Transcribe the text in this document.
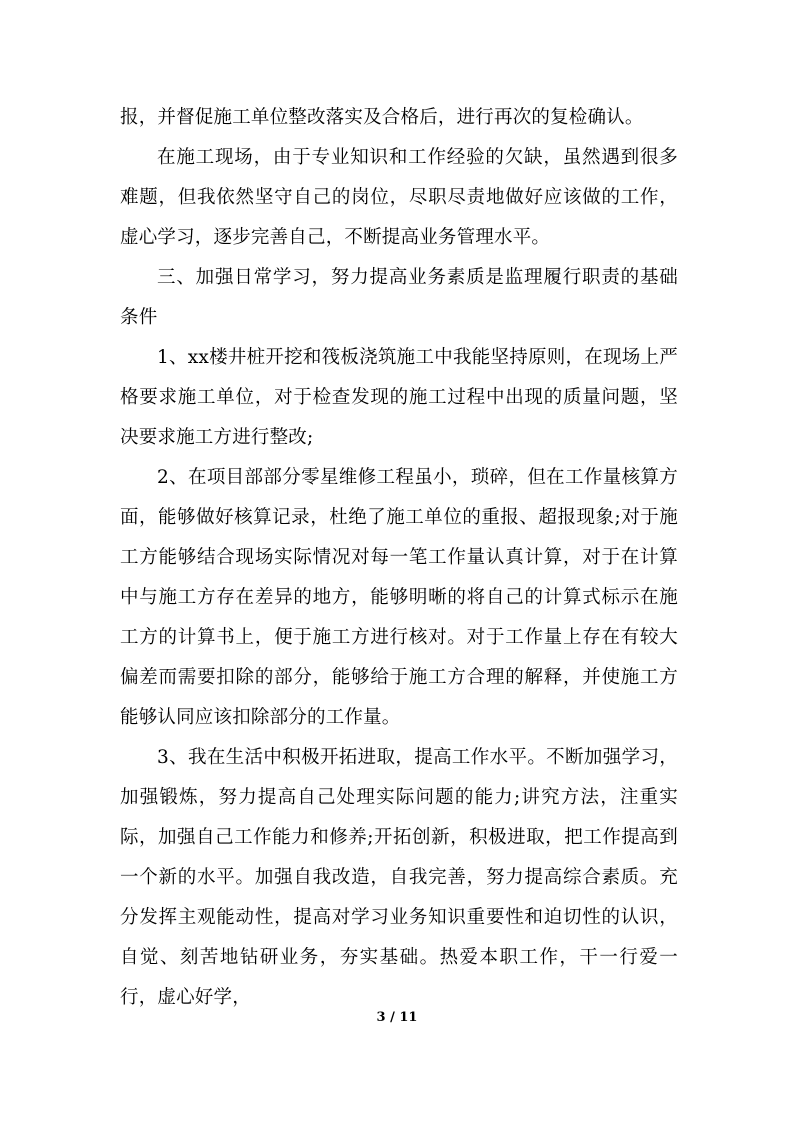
报，并督促施工单位整改落实及合格后，进行再次的复检确认。

在施工现场，由于专业知识和工作经验的欠缺，虽然遇到很多难题，但我依然坚守自己的岗位，尽职尽责地做好应该做的工作，虚心学习，逐步完善自己，不断提高业务管理水平。

三、加强日常学习，努力提高业务素质是监理履行职责的基础条件

1、xx楼井桩开挖和筏板浇筑施工中我能坚持原则，在现场上严格要求施工单位，对于检查发现的施工过程中出现的质量问题，坚决要求施工方进行整改;

2、在项目部部分零星维修工程虽小，琐碎，但在工作量核算方面，能够做好核算记录，杜绝了施工单位的重报、超报现象;对于施工方能够结合现场实际情况对每一笔工作量认真计算，对于在计算中与施工方存在差异的地方，能够明晰的将自己的计算式标示在施工方的计算书上，便于施工方进行核对。对于工作量上存在有较大偏差而需要扣除的部分，能够给于施工方合理的解释，并使施工方能够认同应该扣除部分的工作量。

3、我在生活中积极开拓进取，提高工作水平。不断加强学习，加强锻炼，努力提高自己处理实际问题的能力;讲究方法，注重实际，加强自己工作能力和修养;开拓创新，积极进取，把工作提高到一个新的水平。加强自我改造，自我完善，努力提高综合素质。充分发挥主观能动性，提高对学习业务知识重要性和迫切性的认识，自觉、刻苦地钻研业务，夯实基础。热爱本职工作，干一行爱一行，虚心好学，

3 / 11
